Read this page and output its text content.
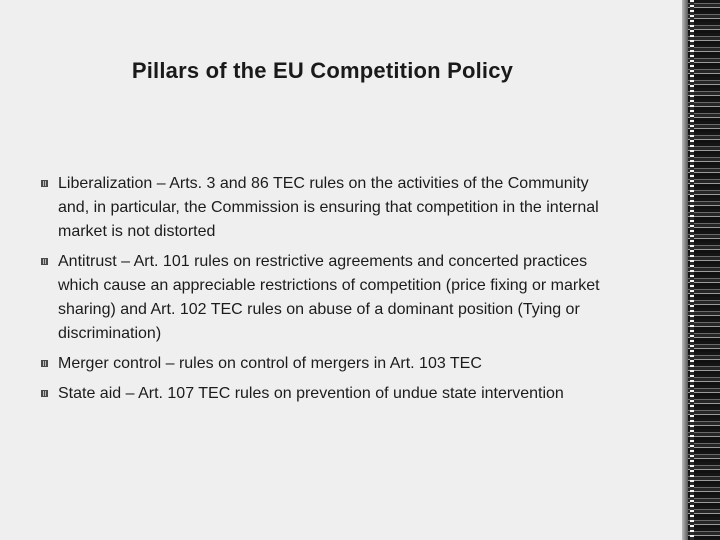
Pillars of the EU Competition Policy
Liberalization – Arts. 3 and 86 TEC rules on the activities of the Community and, in particular, the Commission is ensuring that competition in the internal market is not distorted
Antitrust – Art. 101 rules on restrictive agreements and concerted practices which cause an appreciable restrictions of competition (price fixing or market sharing) and Art. 102 TEC rules on abuse of a dominant position (Tying or discrimination)
Merger control – rules on control of mergers in Art. 103 TEC
State aid – Art. 107 TEC rules on prevention of undue state intervention
